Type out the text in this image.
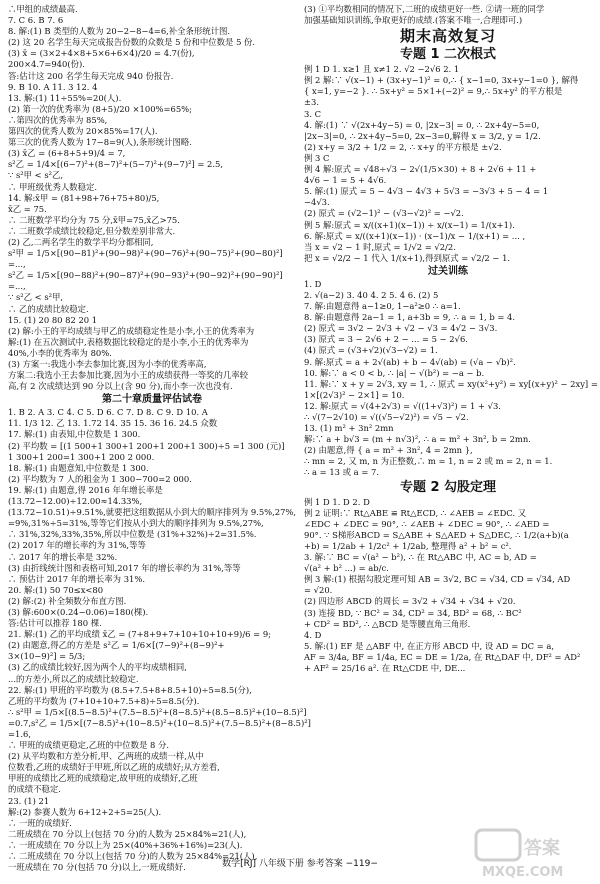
∴甲组的成绩最高.
7. C 6. B 7. 6
8. 解:(1) B 类型的人数为 20−2−8−4=6,补全条形统计图.
(2) 这 20 名学生每天完成报告份数的众数是 5 份和中位数是 5 份.
(3) x̄ = (3×2+4×8+5×6+6×4)/20 = 4.7(份),
200×4.7=940(份).
答:估计这 200 名学生每天完成 940 份报告.
9. B 10. A 11. 3 12. 4
13. 解:(1) 11÷55%=20(人).
(2) 第一次的优秀率为 (8+5)/20 ×100%=65%;
∴第四次的优秀率为 85%,
第四次的优秀人数为 20×85%=17(人).
第三次的优秀人数为 17−8=9(人),条形统计图略.
(3) x̄乙 = (6+8+5+9)/4 = 7,
s²乙 = 1/4×[(6−7)²+(8−7)²+(5−7)²+(9−7)²] = 2.5,
∵ s²甲 < s²乙,
∴ 甲班级优秀人数稳定.
14. 解:x̄甲 = (81+98+76+75+80)/5,
x̄乙 = 75.
∴ 二班数学平均分为 75 分,x̄甲=75,x̄乙>75.
∴ 二班数学成绩比较稳定,但分数差别非常大.
(2) 乙,二两名学生的数学平均分都相同,
s²甲 = 1/5×[(90−81)²+(90−98)²+(90−76)²+(90−75)²+(90−80)²]
=...,
s²乙 = 1/5×[(90−88)²+(90−87)²+(90−93)²+(90−92)²+(90−90)²]
=...,
∵ s²乙 < s²甲,
∴ 乙的成绩比较稳定.
15. (1) 20 80 82 20 1
(2) 解:小王的平均成绩与甲乙的成绩稳定性是小李,小王的优秀率为
解:(1) 在五次测试中,表格数据比较稳定的是小李,小王的优秀率为
40%,小李的优秀率为 80%.
(3) 方案一:我选小李去参加比赛,因为小李的优秀率高,
方案二:我选小王去参加比赛,因为小王的成绩获得一等奖的几率较
高,有 2 次成绩达到 90 分以上(含 90 分),而小李一次也没有.
第二十章质量评估试卷
1. B 2. A 3. C 4. C 5. D 6. C 7. D 8. C 9. D 10. A
11. 1/3 12. 乙 13. 1.72 14. 35 15. 36 16. 24.5 众数
17. 解:(1) 由表知,中位数是 1 300.
(2) 平均数 = [(1 500+1 300+1 200+1 200+1 300)÷5 =1 300 (元)]
1 300+1 200=1 300+1 200 2 000.
18. 解:(1) 由题意知,中位数是 1 300.
(2) 平均数为 7 人的租金为 1 300−700=2 000.
19. 解:(1) 由题意,得 2016 年年增长率是
(13.72−12.00)÷12.00≈14.33%,
(13.72−10.51)÷9.51%,就要把这组数据从小到大的顺序排列为 9.5%,27%,
=9%,31%÷5=31%,等等它们按从小到大的顺序排列为 9.5%,27%,
∴ 31%,32%,33%,35%,所以中位数是 (31%+32%)÷2=31.5%.
(2) 2017 年的增长率约为 31%,等等
∴ 2017 年的增长率是 32%.
(3) 由折线统计图和表格可知,2017 年的增长率约为 31%,等等
∴ 预估计 2017 年的增长率为 31%.
20. 解:(1) 50 70≤x<80
(2) 解:(2) 补全频数分布直方图.
(3) 解:600×(0.24−0.06)=180(棵).
答:估计可以推荐 180 棵.
21. 解:(1) 乙的平均成绩 x̄乙 = (7+8+9+7+10+10+10+9)/6 = 9;
(2) 由题意,得乙的方差是 s²乙 = 1/6×[(7−9)²+(8−9)²+
3×(10−9)²] = 5/3;
(3) 乙的成绩比较好,因为两个人的平均成绩相同,
...的方差小,所以乙的成绩比较稳定.
22. 解:(1) 甲班的平均数为 (8.5+7.5+8+8.5+10)÷5=8.5(分),
乙班的平均数为 (7+10+10+7.5+8)÷5=8.5(分).
∴ s²甲 = 1/5×[(8.5−8.5)²+(7.5−8.5)²+(8−8.5)²+(8.5−8.5)²+(10−8.5)²]
=0.7,s²乙 = 1/5×[(7−8.5)²+(10−8.5)²+(10−8.5)²+(7.5−8.5)²+(8−8.5)²]
=1.6,
∴ 甲班的成绩更稳定,乙班的中位数是 8 分.
(2) 从平均数和方差分析,甲、乙两班的成绩一样,从中
位数看,乙班的成绩好于甲班,所以乙班的成绩好;从方差看,
甲班的成绩比乙班的成绩稳定,故甲班的成绩好,乙班
的成绩不稳定.
23. (1) 21
解:(2) 参赛人数为 6+12+2+5=25(人).
∴ 一班的成绩好.
二班成绩在 70 分以上(包括 70 分)的人数为 25×84%=21(人),
∴ 一班成绩在 70 分以上为 25×(40%+36%+16%)=23(人).
∴ 二班成绩在 70 分以上(包括 70 分)的人数为 25×84%=21(人),
一班成绩在 70 分(包括 70 分)以上,一班成绩好.
(3) ①平均数相同的情况下,二班的成绩更好一些. ②请一班的同学
加强基础知识训练,争取更好的成绩.(答案不唯一,合理即可.)
期末高效复习
专题 1 二次根式
例 1 D 1. x≥1 且 x≠1 2. √2 −2√6 2. 1
例 2 解:∵ √(x−1) + (3x+y−1)² = 0,∴ { x−1=0, 3x+y−1=0 }, 解得
{ x=1, y=−2 }. ∴ 5x+y² = 5×1+(−2)² = 9,∴ 5x+y² 的平方根是
±3.
3. C
4. 解:(1) ∵ √(2x+4y−5) = 0, |2x−3| = 0, ∴ 2x+4y−5=0,
|2x−3|=0, ∴ 2x+4y−5=0, 2x−3=0,解得 x = 3/2, y = 1/2.
(2) x+y = 3/2 + 1/2 = 2, ∴ x+y 的平方根是 ±√2.
例 3 C
例 4 解:原式 = √48÷√3 − 2√(1/5×30) + 8 + 2√6 + 11 +
4√6 − 1 = 5 + 4√6.
5. 解:(1) 原式 = 5 − 4√3 − 4√3 + 5√3 = −3√3 + 5 − 4 = 1
−4√3.
(2) 原式 = (√2−1)² − (√3−√2)² = −√2.
例 5 解:原式 = x/((x+1)(x−1)) ÷ x/(x−1) = 1/(x+1).
6. 解:原式 = x/((x+1)(x−1)) · (x−1)/x − 1/(x+1) = ... ,
当 x = √2 − 1 时,原式 = 1/√2 = √2/2.
把 x = √2/2 − 1 代入 1/(x+1),得到原式 = √2/2 − 1.
过关训练
1. D
2. √(a−2) 3. 40 4. 2 5. 4 6. (2) 5
7. 解:由题意得 a−1≥0, 1−a²≥0 ∴ a=1.
8. 解:由题意得 2a−1 = 1, a+3b = 9, ∴ a = 1, b = 4.
(2) 原式 = 3√2 − 2√3 + √2 − √3 = 4√2 − 3√3.
(3) 原式 = 3 − 2√6 + 2 − ... = 5 − 2√6.
(4) 原式 = (√3+√2)(√3−√2) = 1.
9. 解:原式 = a + 2√(ab) + b − 4√(ab) = (√a − √b)².
10. 解:∵ a < 0 < b, ∴ |a| − √(b²) = −a − b.
11. 解:∵ x + y = 2√3, xy = 1, ∴ 原式 = xy(x²+y²) = xy[(x+y)² − 2xy] =
1×[(2√3)² − 2×1] = 10.
12. 解:原式 = √(4+2√3) = √((1+√3)²) = 1 + √3.
∴ √(7−2√10) = √((√5−√2)²) = √5 − √2.
13. (1) m² + 3n² 2mn
解:∵ a + b√3 = (m + n√3)², ∴ a = m² + 3n², b = 2mn.
(2) 由题意,得 { a = m² + 3n², 4 = 2mn },
∴ mn = 2, 又 m, n 为正整数,∴ m = 1, n = 2 或 m = 2, n = 1.
∴ a = 13 或 a = 7.
专题 2 勾股定理
例 1 D 1. D 2. D
例 2 证明:∵ Rt△ABE ≌ Rt△ECD, ∴ ∠AEB = ∠EDC. 又
∠EDC + ∠DEC = 90°, ∴ ∠AEB + ∠DEC = 90°, ∴ ∠AED =
90°. ∵ S梯形ABCD = S△ABE + S△AED + S△DEC, ∴ 1/2(a+b)(a
+b) = 1/2ab + 1/2c² + 1/2ab, 整理得 a² + b² = c².
3. 解:∵ BC = √(a² − b²), ∴ 在 Rt△ABC 中, AC = b, AD =
√(a² + b² ...) = ab/c.
例 3 解:(1) 根据勾股定理可知 AB = 3√2, BC = √34, CD = √34, AD
= √20.
(2) 四边形 ABCD 的周长 = 3√2 + √34 + √34 + √20.
(3) 连接 BD, ∵ BC² = 34, CD² = 34, BD² = 68, ∴ BC²
+ CD² = BD², ∴ △BCD 是等腰直角三角形.
4. D
5. 解:(1) EF 是 △ABF 中, 在正方形 ABCD 中, 设 AD = DC = a,
AF = 3/4a, BF = 1/4a, EC = DE = 1/2a, 在 Rt△DAF 中, DF² = AD²
+ AF² = 25/16 a². 在 Rt△CDE 中, DE...
数学[RJ] 八年级下册 参考答案 −119−
答案
MXQE.COM
